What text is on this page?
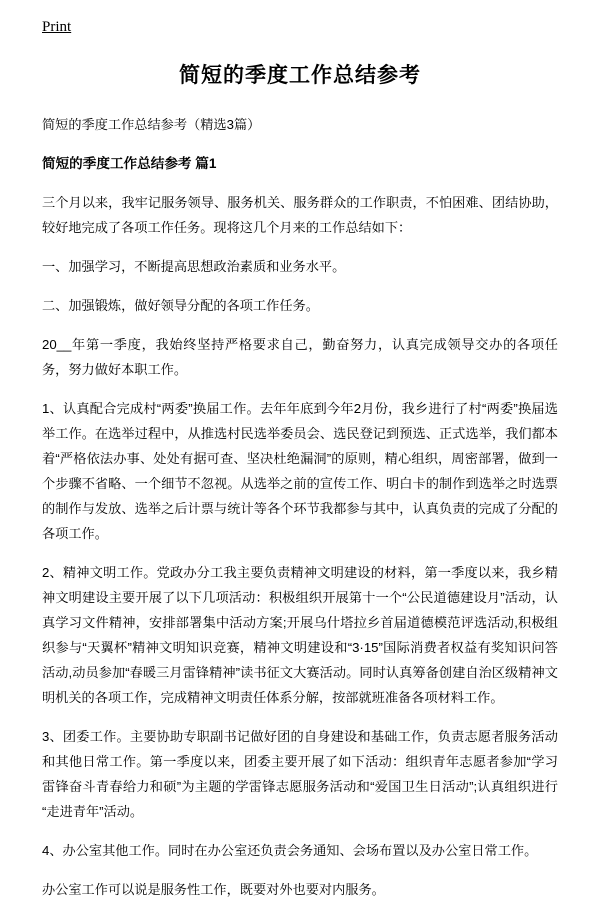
Print
简短的季度工作总结参考

简短的季度工作总结参考（精选3篇）

简短的季度工作总结参考 篇1

三个月以来，我牢记服务领导、服务机关、服务群众的工作职责，不怕困难、团结协助，较好地完成了各项工作任务。现将这几个月来的工作总结如下：

一、加强学习，不断提高思想政治素质和业务水平。

二、加强锻炼，做好领导分配的各项工作任务。

20__年第一季度，我始终坚持严格要求自己，勤奋努力，认真完成领导交办的各项任务，努力做好本职工作。

1、认真配合完成村“两委”换届工作。去年年底到今年2月份，我乡进行了村“两委”换届选举工作。在选举过程中，从推选村民选举委员会、选民登记到预选、正式选举，我们都本着“严格依法办事、处处有据可查、坚决杜绝漏洞”的原则，精心组织，周密部署，做到一个步骤不省略、一个细节不忽视。从选举之前的宣传工作、明白卡的制作到选举之时选票的制作与发放、选举之后计票与统计等各个环节我都参与其中，认真负责的完成了分配的各项工作。

2、精神文明工作。党政办分工我主要负责精神文明建设的材料，第一季度以来，我乡精神文明建设主要开展了以下几项活动：积极组织开展第十一个“公民道德建设月”活动，认真学习文件精神，安排部署集中活动方案;开展乌什塔拉乡首届道德模范评选活动,积极组织参与“天翼杯”精神文明知识竞赛，精神文明建设和“3·15”国际消费者权益有奖知识问答活动,动员参加“春暖三月雷锋精神”读书征文大赛活动。同时认真筹备创建自治区级精神文明机关的各项工作，完成精神文明责任体系分解，按部就班准备各项材料工作。

3、团委工作。主要协助专职副书记做好团的自身建设和基础工作，负责志愿者服务活动和其他日常工作。第一季度以来，团委主要开展了如下活动：组织青年志愿者参加“学习雷锋奋斗青春给力和硕”为主题的学雷锋志愿服务活动和“爱国卫生日活动”;认真组织进行“走进青年”活动。

4、办公室其他工作。同时在办公室还负责会务通知、会场布置以及办公室日常工作。

办公室工作可以说是服务性工作，既要对外也要对内服务。
